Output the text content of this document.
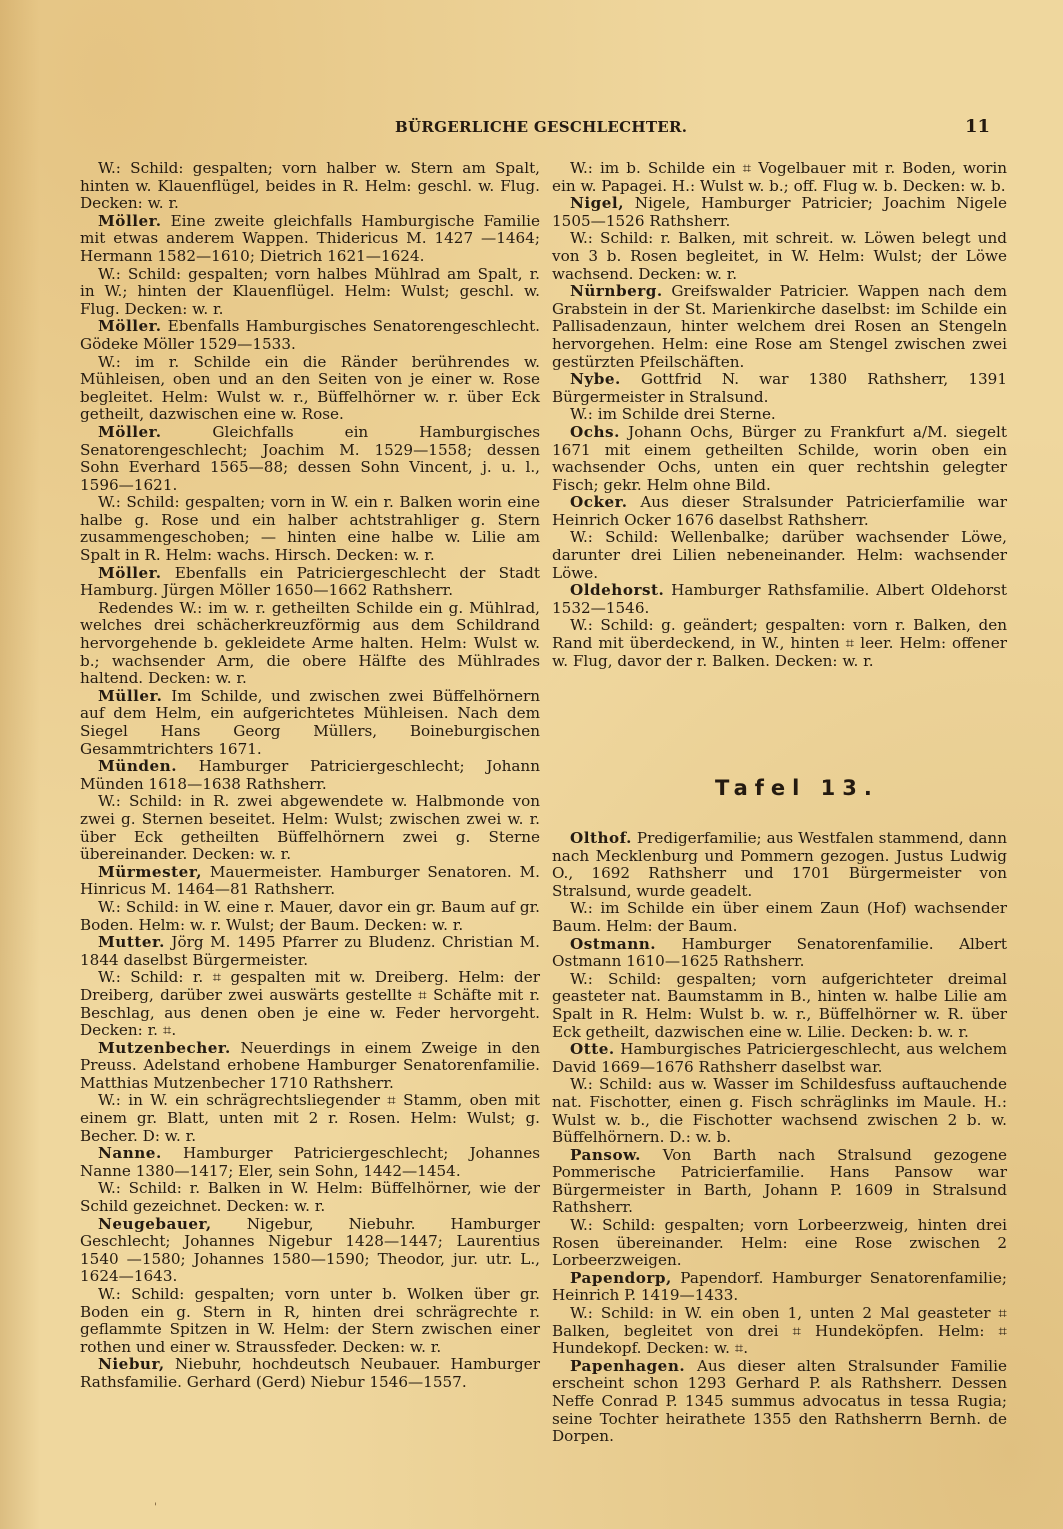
BÜRGERLICHE GESCHLECHTER.	11

W.: Schild: gespalten; vorn halber w. Stern am Spalt, hinten w. Klauenflügel, beides in R. Helm: geschl. w. Flug. Decken: w. r.

Möller. Eine zweite gleichfalls Hamburgische Familie mit etwas anderem Wappen. Thidericus M. 1427 —1464; Hermann 1582—1610; Dietrich 1621—1624.

W.: Schild: gespalten; vorn halbes Mühlrad am Spalt, r. in W.; hinten der Klauenflügel. Helm: Wulst; geschl. w. Flug. Decken: w. r.

Möller. Ebenfalls Hamburgisches Senatorengeschlecht. Gödeke Möller 1529—1533.

W.: im r. Schilde ein die Ränder berührendes w. Mühleisen, oben und an den Seiten von je einer w. Rose begleitet. Helm: Wulst w. r., Büffelhörner w. r. über Eck getheilt, dazwischen eine w. Rose.

Möller. Gleichfalls ein Hamburgisches Senatorengeschlecht; Joachim M. 1529—1558; dessen Sohn Everhard 1565—88; dessen Sohn Vincent, j. u. l., 1596—1621.

W.: Schild: gespalten; vorn in W. ein r. Balken worin eine halbe g. Rose und ein halber achtstrahliger g. Stern zusammengeschoben; — hinten eine halbe w. Lilie am Spalt in R. Helm: wachs. Hirsch. Decken: w. r.

Möller. Ebenfalls ein Patriciergeschlecht der Stadt Hamburg. Jürgen Möller 1650—1662 Rathsherr.

Redendes W.: im w. r. getheilten Schilde ein g. Mühlrad, welches drei schächerkreuzförmig aus dem Schildrand hervorgehende b. gekleidete Arme halten. Helm: Wulst w. b.; wachsender Arm, die obere Hälfte des Mühlrades haltend. Decken: w. r.

Müller. Im Schilde, und zwischen zwei Büffelhörnern auf dem Helm, ein aufgerichtetes Mühleisen. Nach dem Siegel Hans Georg Müllers, Boineburgischen Gesammtrichters 1671.

Münden. Hamburger Patriciergeschlecht; Johann Münden 1618—1638 Rathsherr.

W.: Schild: in R. zwei abgewendete w. Halbmonde von zwei g. Sternen beseitet. Helm: Wulst; zwischen zwei w. r. über Eck getheilten Büffelhörnern zwei g. Sterne übereinander. Decken: w. r.

Mürmester, Mauermeister. Hamburger Senatoren. M. Hinricus M. 1464—81 Rathsherr.

W.: Schild: in W. eine r. Mauer, davor ein gr. Baum auf gr. Boden. Helm: w. r. Wulst; der Baum. Decken: w. r.

Mutter. Jörg M. 1495 Pfarrer zu Bludenz. Christian M. 1844 daselbst Bürgermeister.

W.: Schild: r. ⌗ gespalten mit w. Dreiberg. Helm: der Dreiberg, darüber zwei auswärts gestellte ⌗ Schäfte mit r. Beschlag, aus denen oben je eine w. Feder hervorgeht. Decken: r. ⌗.

Mutzenbecher. Neuerdings in einem Zweige in den Preuss. Adelstand erhobene Hamburger Senatorenfamilie. Matthias Mutzenbecher 1710 Rathsherr.

W.: in W. ein schrägrechtsliegender ⌗ Stamm, oben mit einem gr. Blatt, unten mit 2 r. Rosen. Helm: Wulst; g. Becher. D: w. r.

Nanne. Hamburger Patriciergeschlecht; Johannes Nanne 1380—1417; Eler, sein Sohn, 1442—1454.

W.: Schild: r. Balken in W. Helm: Büffelhörner, wie der Schild gezeichnet. Decken: w. r.

Neugebauer, Nigebur, Niebuhr. Hamburger Geschlecht; Johannes Nigebur 1428—1447; Laurentius 1540 —1580; Johannes 1580—1590; Theodor, jur. utr. L., 1624—1643.

W.: Schild: gespalten; vorn unter b. Wolken über gr. Boden ein g. Stern in R, hinten drei schrägrechte r. geflammte Spitzen in W. Helm: der Stern zwischen einer rothen und einer w. Straussfeder. Decken: w. r.

Niebur, Niebuhr, hochdeutsch Neubauer. Hamburger Rathsfamilie. Gerhard (Gerd) Niebur 1546—1557.

W.: im b. Schilde ein ⌗ Vogelbauer mit r. Boden, worin ein w. Papagei. H.: Wulst w. b.; off. Flug w. b. Decken: w. b.

Nigel, Nigele, Hamburger Patricier; Joachim Nigele 1505—1526 Rathsherr.

W.: Schild: r. Balken, mit schreit. w. Löwen belegt und von 3 b. Rosen begleitet, in W. Helm: Wulst; der Löwe wachsend. Decken: w. r.

Nürnberg. Greifswalder Patricier. Wappen nach dem Grabstein in der St. Marienkirche daselbst: im Schilde ein Pallisadenzaun, hinter welchem drei Rosen an Stengeln hervorgehen. Helm: eine Rose am Stengel zwischen zwei gestürzten Pfeilschäften.

Nybe. Gottfrid N. war 1380 Rathsherr, 1391 Bürgermeister in Stralsund.

W.: im Schilde drei Sterne.

Ochs. Johann Ochs, Bürger zu Frankfurt a/M. siegelt 1671 mit einem getheilten Schilde, worin oben ein wachsender Ochs, unten ein quer rechtshin gelegter Fisch; gekr. Helm ohne Bild.

Ocker. Aus dieser Stralsunder Patricierfamilie war Heinrich Ocker 1676 daselbst Rathsherr.

W.: Schild: Wellenbalke; darüber wachsender Löwe, darunter drei Lilien nebeneinander. Helm: wachsender Löwe.

Oldehorst. Hamburger Rathsfamilie. Albert Oldehorst 1532—1546.

W.: Schild: g. geändert; gespalten: vorn r. Balken, den Rand mit überdeckend, in W., hinten ⌗ leer. Helm: offener w. Flug, davor der r. Balken. Decken: w. r.

Tafel 13.

Olthof. Predigerfamilie; aus Westfalen stammend, dann nach Mecklenburg und Pommern gezogen. Justus Ludwig O., 1692 Rathsherr und 1701 Bürgermeister von Stralsund, wurde geadelt.

W.: im Schilde ein über einem Zaun (Hof) wachsender Baum. Helm: der Baum.

Ostmann. Hamburger Senatorenfamilie. Albert Ostmann 1610—1625 Rathsherr.

W.: Schild: gespalten; vorn aufgerichteter dreimal geasteter nat. Baumstamm in B., hinten w. halbe Lilie am Spalt in R. Helm: Wulst b. w. r., Büffelhörner w. R. über Eck getheilt, dazwischen eine w. Lilie. Decken: b. w. r.

Otte. Hamburgisches Patriciergeschlecht, aus welchem David 1669—1676 Rathsherr daselbst war.

W.: Schild: aus w. Wasser im Schildesfuss auftauchende nat. Fischotter, einen g. Fisch schräglinks im Maule. H.: Wulst w. b., die Fischotter wachsend zwischen 2 b. w. Büffelhörnern. D.: w. b.

Pansow. Von Barth nach Stralsund gezogene Pommerische Patricierfamilie. Hans Pansow war Bürgermeister in Barth, Johann P. 1609 in Stralsund Rathsherr.

W.: Schild: gespalten; vorn Lorbeerzweig, hinten drei Rosen übereinander. Helm: eine Rose zwischen 2 Lorbeerzweigen.

Papendorp, Papendorf. Hamburger Senatorenfamilie; Heinrich P. 1419—1433.

W.: Schild: in W. ein oben 1, unten 2 Mal geasteter ⌗ Balken, begleitet von drei ⌗ Hundeköpfen. Helm: ⌗ Hundekopf. Decken: w. ⌗.

Papenhagen. Aus dieser alten Stralsunder Familie erscheint schon 1293 Gerhard P. als Rathsherr. Dessen Neffe Conrad P. 1345 summus advocatus in tessa Rugia; seine Tochter heirathete 1355 den Rathsherrn Bernh. de Dorpen.

'
